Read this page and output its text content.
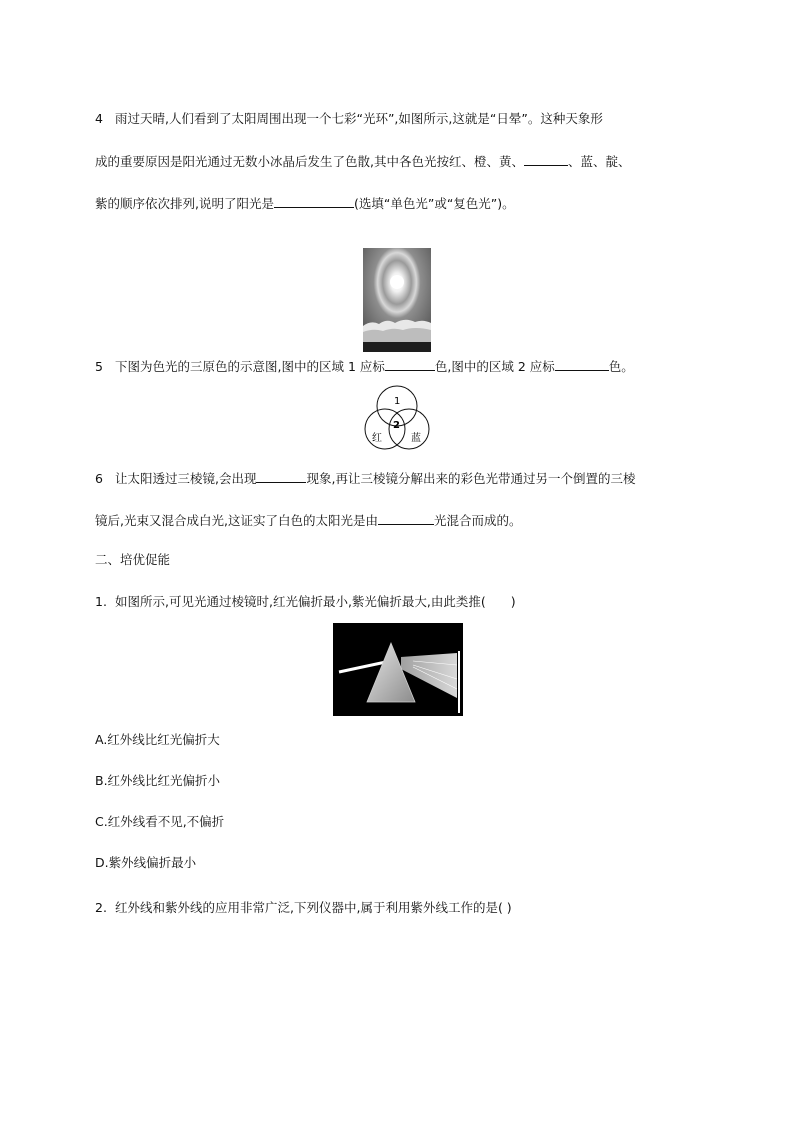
4 雨过天晴,人们看到了太阳周围出现一个七彩“光环”,如图所示,这就是“日晕”。这种天象形
成的重要原因是阳光通过无数小冰晶后发生了色散,其中各色光按红、橙、黄、	、蓝、靛、
紫的顺序依次排列,说明了阳光是	(选填“单色光”或“复色光”)。
5 下图为色光的三原色的示意图,图中的区域 1 应标	色,图中的区域 2 应标	色。
1
2
红	蓝
6 让太阳透过三棱镜,会出现	现象,再让三棱镜分解出来的彩色光带通过另一个倒置的三棱
镜后,光束又混合成白光,这证实了白色的太阳光是由	光混合而成的。
二、培优促能
1. 如图所示,可见光通过棱镜时,红光偏折最小,紫光偏折最大,由此类推(　　)
A.红外线比红光偏折大
B.红外线比红光偏折小
C.红外线看不见,不偏折
D.紫外线偏折最小
2. 红外线和紫外线的应用非常广泛,下列仪器中,属于利用紫外线工作的是( )
